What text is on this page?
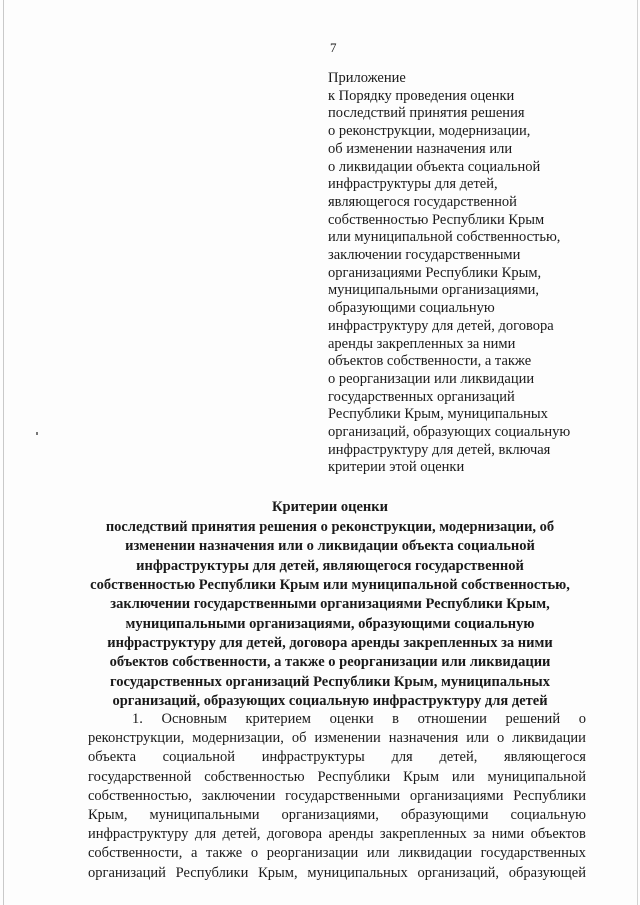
7
Приложение
к Порядку проведения оценки
последствий принятия решения
о реконструкции, модернизации,
об изменении назначения или
о ликвидации объекта социальной
инфраструктуры для детей,
являющегося государственной
собственностью Республики Крым
или муниципальной собственностью,
заключении государственными
организациями Республики Крым,
муниципальными организациями,
образующими социальную
инфраструктуру для детей, договора
аренды закрепленных за ними
объектов собственности, а также
о реорганизации или ликвидации
государственных организаций
Республики Крым, муниципальных
организаций, образующих социальную
инфраструктуру для детей, включая
критерии этой оценки
Критерии оценки
последствий принятия решения о реконструкции, модернизации, об
изменении назначения или о ликвидации объекта социальной
инфраструктуры для детей, являющегося государственной
собственностью Республики Крым или муниципальной собственностью,
заключении государственными организациями Республики Крым,
муниципальными организациями, образующими социальную
инфраструктуру для детей, договора аренды закрепленных за ними
объектов собственности, а также о реорганизации или ликвидации
государственных организаций Республики Крым, муниципальных
организаций, образующих социальную инфраструктуру для детей
1. Основным критерием оценки в отношении решений о
реконструкции, модернизации, об изменении назначения или о ликвидации
объекта социальной инфраструктуры для детей, являющегося
государственной собственностью Республики Крым или муниципальной
собственностью, заключении государственными организациями Республики
Крым, муниципальными организациями, образующими социальную
инфраструктуру для детей, договора аренды закрепленных за ними объектов
собственности, а также о реорганизации или ликвидации государственных
организаций Республики Крым, муниципальных организаций, образующей
